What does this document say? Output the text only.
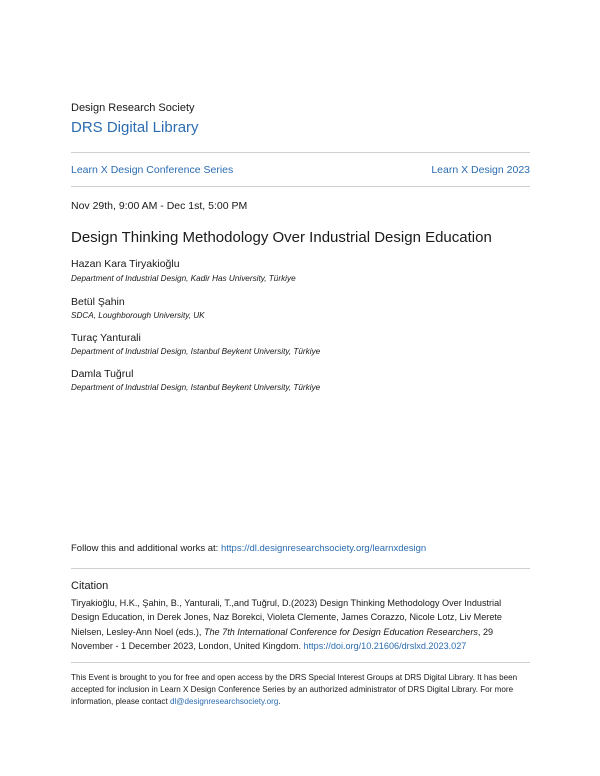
Design Research Society
DRS Digital Library
Learn X Design Conference Series	Learn X Design 2023
Nov 29th, 9:00 AM - Dec 1st, 5:00 PM
Design Thinking Methodology Over Industrial Design Education
Hazan Kara Tiryakioğlu
Department of Industrial Design, Kadir Has University, Türkiye
Betül Şahin
SDCA, Loughborough University, UK
Turaç Yanturali
Department of Industrial Design, Istanbul Beykent University, Türkiye
Damla Tuğrul
Department of Industrial Design, Istanbul Beykent University, Türkiye
Follow this and additional works at: https://dl.designresearchsociety.org/learnxdesign
Citation
Tiryakioğlu, H.K., Şahin, B., Yanturali, T.,and Tuğrul, D.(2023) Design Thinking Methodology Over Industrial Design Education, in Derek Jones, Naz Borekci, Violeta Clemente, James Corazzo, Nicole Lotz, Liv Merete Nielsen, Lesley-Ann Noel (eds.), The 7th International Conference for Design Education Researchers, 29 November - 1 December 2023, London, United Kingdom. https://doi.org/10.21606/drslxd.2023.027
This Event is brought to you for free and open access by the DRS Special Interest Groups at DRS Digital Library. It has been accepted for inclusion in Learn X Design Conference Series by an authorized administrator of DRS Digital Library. For more information, please contact dl@designresearchsociety.org.
